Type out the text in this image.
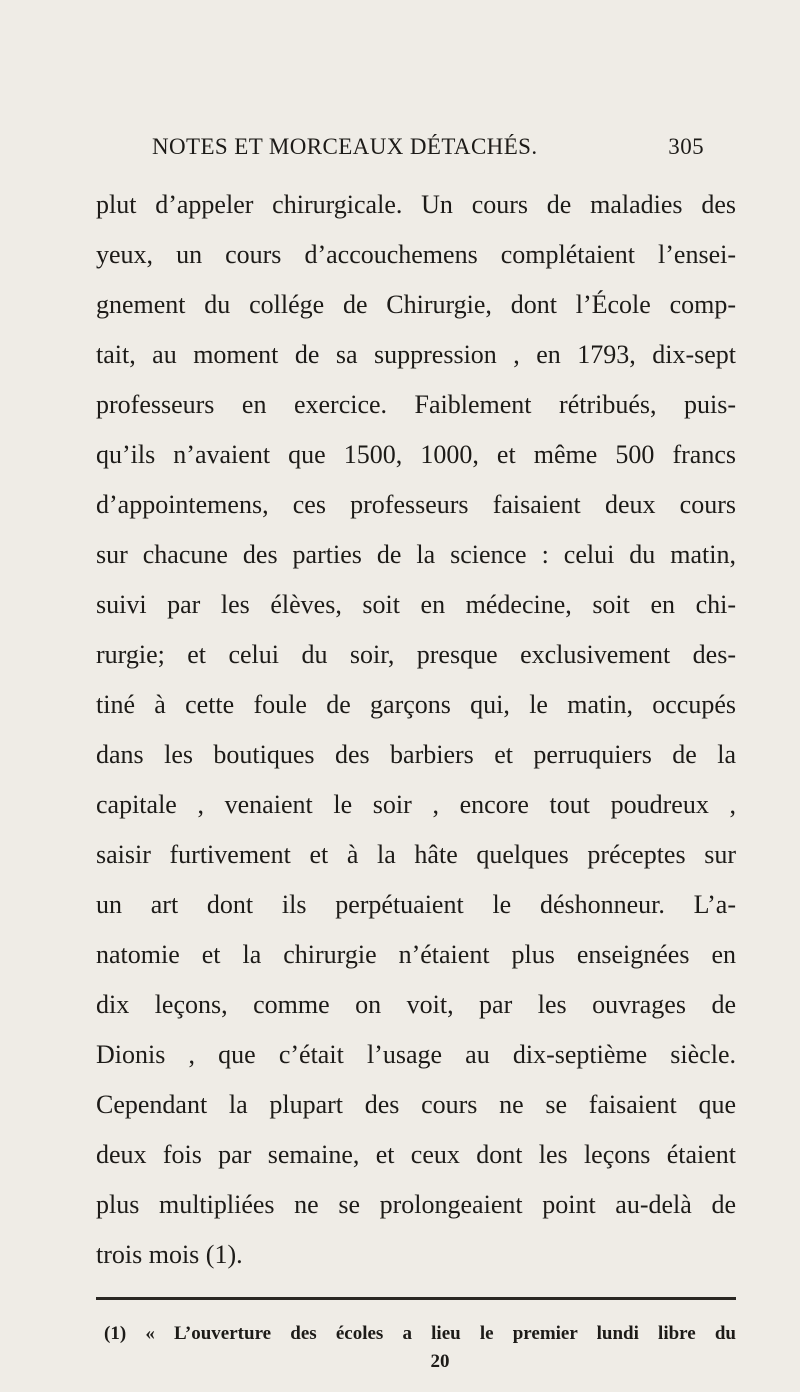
NOTES ET MORCEAUX DÉTACHÉS.	305
plut d’appeler chirurgicale. Un cours de maladies des
yeux, un cours d’accouchemens complétaient l’ensei-
gnement du collége de Chirurgie, dont l’École comp-
tait, au moment de sa suppression , en 1793, dix-sept
professeurs en exercice. Faiblement rétribués, puis-
qu’ils n’avaient que 1500, 1000, et même 500 francs
d’appointemens, ces professeurs faisaient deux cours
sur chacune des parties de la science : celui du matin,
suivi par les élèves, soit en médecine, soit en chi-
rurgie; et celui du soir, presque exclusivement des-
tiné à cette foule de garçons qui, le matin, occupés
dans les boutiques des barbiers et perruquiers de la
capitale , venaient le soir , encore tout poudreux ,
saisir furtivement et à la hâte quelques préceptes sur
un art dont ils perpétuaient le déshonneur. L’a-
natomie et la chirurgie n’étaient plus enseignées en
dix leçons, comme on voit, par les ouvrages de
Dionis , que c’était l’usage au dix-septième siècle.
Cependant la plupart des cours ne se faisaient que
deux fois par semaine, et ceux dont les leçons étaient
plus multipliées ne se prolongeaient point au-delà de
trois mois (1).
(1) « L’ouverture des écoles a lieu le premier lundi libre du
20
